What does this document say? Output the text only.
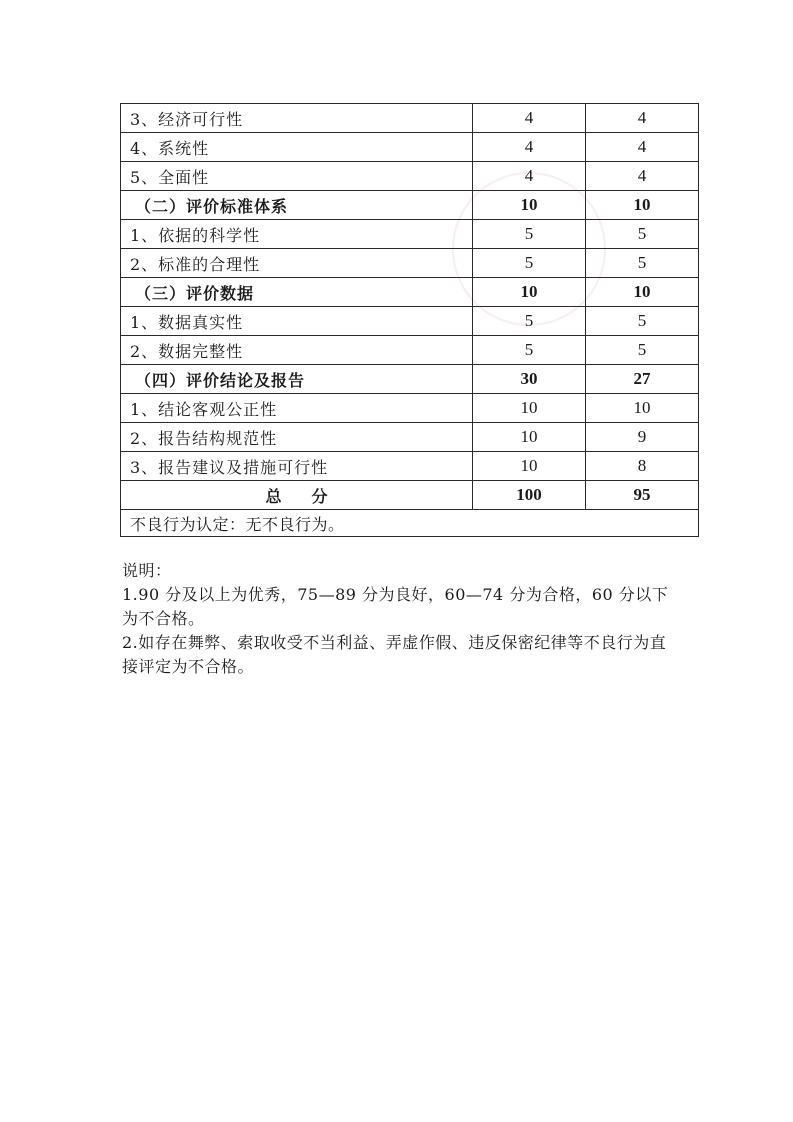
3、经济可行性	4	4
4、系统性	4	4
5、全面性	4	4
（二）评价标准体系	10	10
1、依据的科学性	5	5
2、标准的合理性	5	5
（三）评价数据	10	10
1、数据真实性	5	5
2、数据完整性	5	5
（四）评价结论及报告	30	27
1、结论客观公正性	10	10
2、报告结构规范性	10	9
3、报告建议及措施可行性	10	8
总 分	100	95
不良行为认定：无不良行为。		

说明：

1.90 分及以上为优秀，75—89 分为良好，60—74 分为合格，60 分以下为不合格。

2.如存在舞弊、索取收受不当利益、弄虚作假、违反保密纪律等不良行为直接评定为不合格。
